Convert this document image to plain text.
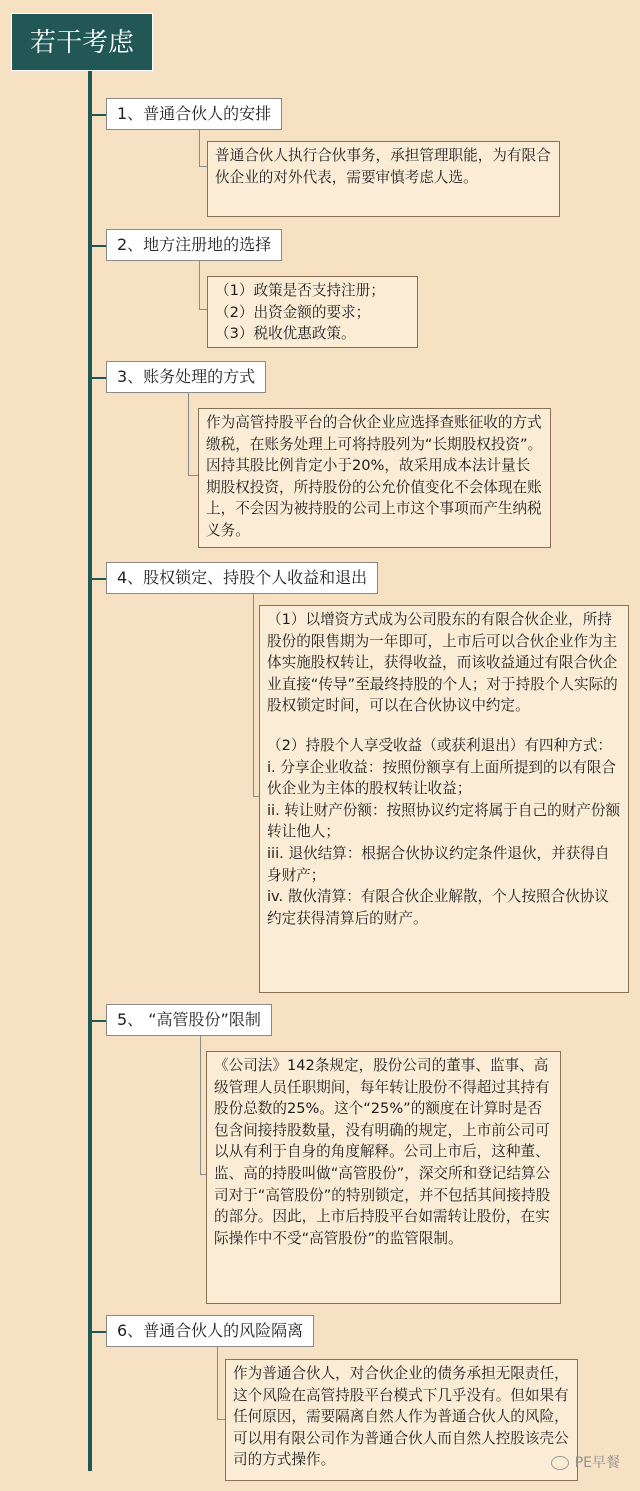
若干考虑
1、普通合伙人的安排

普通合伙人执行合伙事务，承担管理职能，为有限合伙企业的对外代表，需要审慎考虑人选。

2、地方注册地的选择

（1）政策是否支持注册；

（2）出资金额的要求；

（3）税收优惠政策。

3、账务处理的方式

作为高管持股平台的合伙企业应选择查账征收的方式缴税，在账务处理上可将持股列为“长期股权投资”。因持其股比例肯定小于20%，故采用成本法计量长期股权投资，所持股份的公允价值变化不会体现在账上，不会因为被持股的公司上市这个事项而产生纳税义务。

4、股权锁定、持股个人收益和退出

（1）以增资方式成为公司股东的有限合伙企业，所持股份的限售期为一年即可，上市后可以合伙企业作为主体实施股权转让，获得收益，而该收益通过有限合伙企业直接“传导”至最终持股的个人；对于持股个人实际的股权锁定时间，可以在合伙协议中约定。

（2）持股个人享受收益（或获利退出）有四种方式：

i. 分享企业收益：按照份额享有上面所提到的以有限合伙企业为主体的股权转让收益；

ii. 转让财产份额：按照协议约定将属于自己的财产份额转让他人；

iii. 退伙结算：根据合伙协议约定条件退伙，并获得自身财产；

iv. 散伙清算：有限合伙企业解散，个人按照合伙协议约定获得清算后的财产。

5、 “高管股份”限制

《公司法》142条规定，股份公司的董事、监事、高级管理人员任职期间，每年转让股份不得超过其持有股份总数的25%。这个“25%”的额度在计算时是否包含间接持股数量，没有明确的规定，上市前公司可以从有利于自身的角度解释。公司上市后，这种董、监、高的持股叫做“高管股份”，深交所和登记结算公司对于“高管股份”的特别锁定，并不包括其间接持股的部分。因此，上市后持股平台如需转让股份，在实际操作中不受“高管股份”的监管限制。

6、普通合伙人的风险隔离

作为普通合伙人，对合伙企业的债务承担无限责任，这个风险在高管持股平台模式下几乎没有。但如果有任何原因，需要隔离自然人作为普通合伙人的风险，可以用有限公司作为普通合伙人而自然人控股该壳公司的方式操作。	PE早餐
